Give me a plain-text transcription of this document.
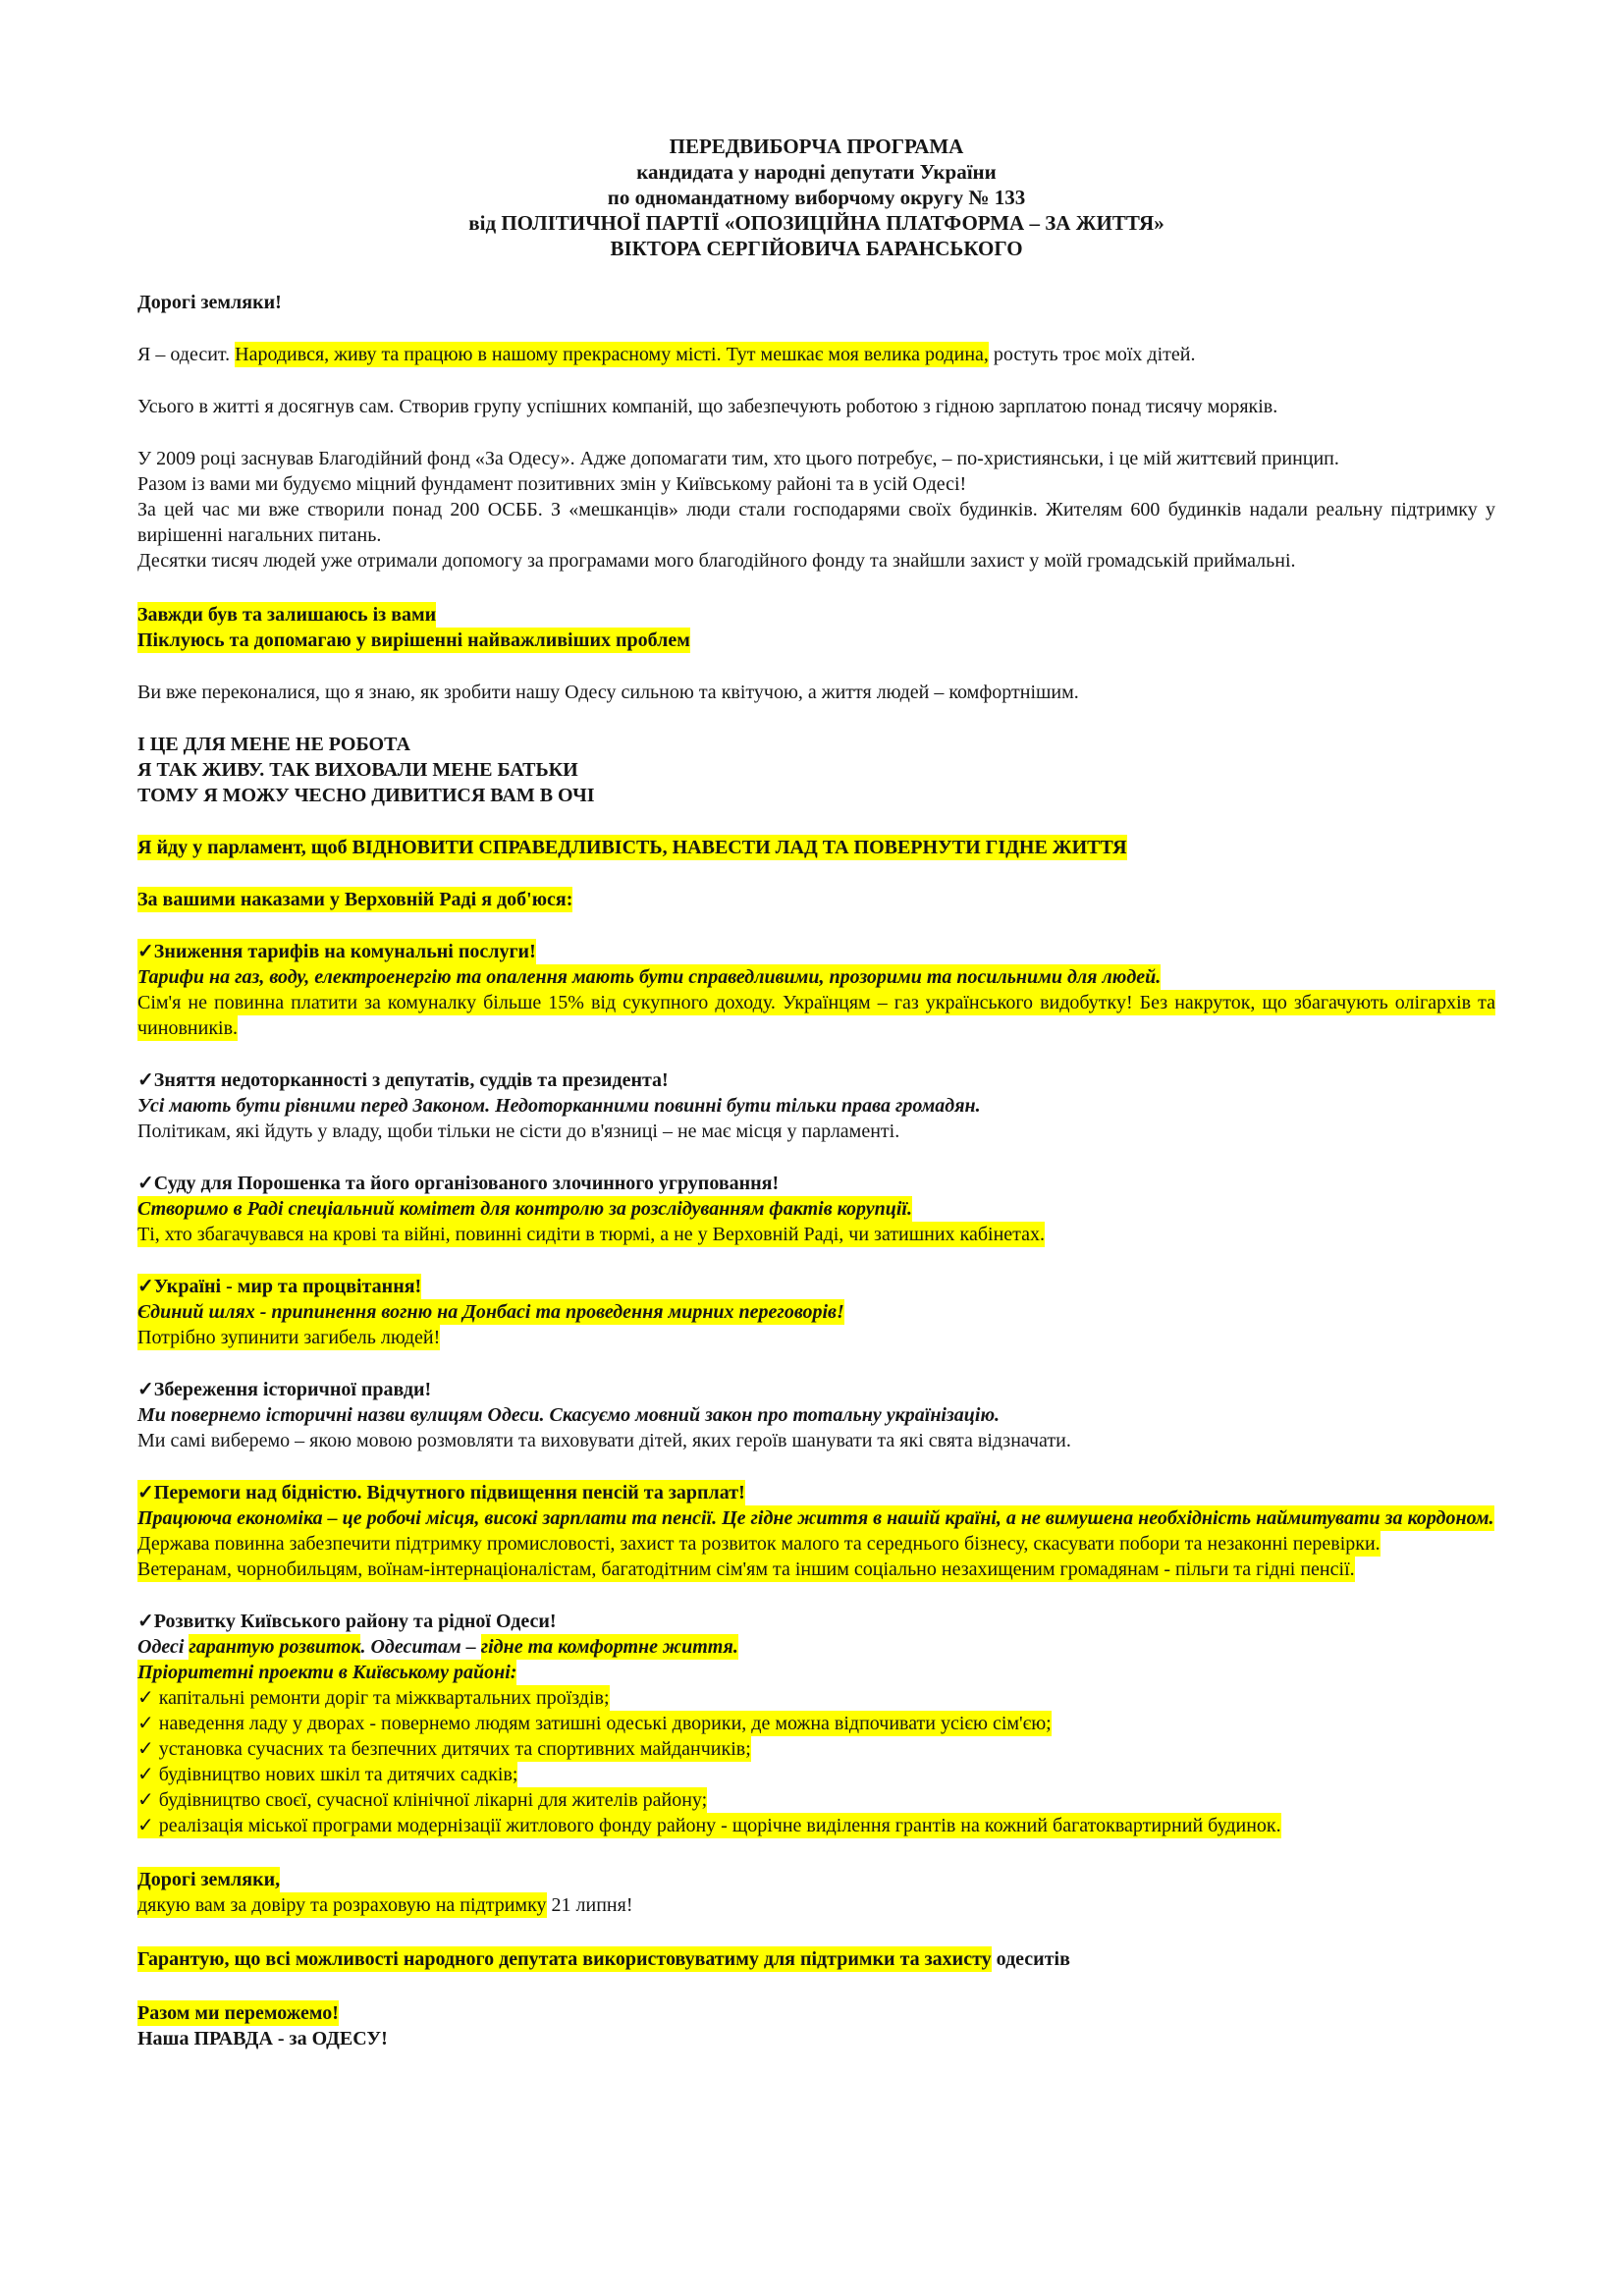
ПЕРЕДВИБОРЧА ПРОГРАМА
кандидата у народні депутати України
по одномандатному виборчому округу № 133
від ПОЛІТИЧНОЇ ПАРТІЇ «ОПОЗИЦІЙНА ПЛАТФОРМА – ЗА ЖИТТЯ»
ВІКТОРА СЕРГІЙОВИЧА БАРАНСЬКОГО
Дорогі земляки!
Я – одесит. Народився, живу та працюю в нашому прекрасному місті. Тут мешкає моя велика родина, ростуть троє моїх дітей.
Усього в житті я досягнув сам. Створив групу успішних компаній, що забезпечують роботою з гідною зарплатою понад тисячу моряків.
У 2009 році заснував Благодійний фонд «За Одесу». Адже допомагати тим, хто цього потребує, – по-християнськи, і це мій життєвий принцип.
Разом із вами ми будуємо міцний фундамент позитивних змін у Київському районі та в усій Одесі!
За цей час ми вже створили понад 200 ОСББ. З «мешканців» люди стали господарями своїх будинків. Жителям 600 будинків надали реальну підтримку у вирішенні нагальних питань.
Десятки тисяч людей уже отримали допомогу за програмами мого благодійного фонду та знайшли захист у моїй громадській приймальні.
Завжди був та залишаюсь із вами
Піклуюсь та допомагаю у вирішенні найважливіших проблем
Ви вже переконалися, що я знаю, як зробити нашу Одесу сильною та квітучою, а життя людей – комфортнішим.
І ЦЕ ДЛЯ МЕНЕ НЕ РОБОТА
Я ТАК ЖИВУ. ТАК ВИХОВАЛИ МЕНЕ БАТЬКИ
ТОМУ Я МОЖУ ЧЕСНО ДИВИТИСЯ ВАМ В ОЧІ
Я йду у парламент, щоб ВІДНОВИТИ СПРАВЕДЛИВІСТЬ, НАВЕСТИ ЛАД ТА ПОВЕРНУТИ ГІДНЕ ЖИТТЯ
За вашими наказами у Верховній Раді я доб'юся:
✓Зниження тарифів на комунальні послуги!
Тарифи на газ, воду, електроенергію та опалення мають бути справедливими, прозорими та посильними для людей.
Сім'я не повинна платити за комуналку більше 15% від сукупного доходу. Українцям – газ українського видобутку! Без накруток, що збагачують олігархів та чиновників.
✓Зняття недоторканності з депутатів, суддів та президента!
Усі мають бути рівними перед Законом. Недоторканними повинні бути тільки права громадян.
Політикам, які йдуть у владу, щоби тільки не сісти до в'язниці – не має місця у парламенті.
✓Суду для Порошенка та його організованого злочинного угруповання!
Створимо в Раді спеціальний комітет для контролю за розслідуванням фактів корупції.
Ті, хто збагачувався на крові та війні, повинні сидіти в тюрмі, а не у Верховній Раді, чи затишних кабінетах.
✓Україні - мир та процвітання!
Єдиний шлях - припинення вогню на Донбасі та проведення мирних переговорів!
Потрібно зупинити загибель людей!
✓Збереження історичної правди!
Ми повернемо історичні назви вулицям Одеси. Скасуємо мовний закон про тотальну українізацію.
Ми самі виберемо – якою мовою розмовляти та виховувати дітей, яких героїв шанувати та які свята відзначати.
✓Перемоги над бідністю. Відчутного підвищення пенсій та зарплат!
Працююча економіка – це робочі місця, високі зарплати та пенсії. Це гідне життя в нашій країні, а не вимушена необхідність наймитувати за кордоном.
Держава повинна забезпечити підтримку промисловості, захист та розвиток малого та середнього бізнесу, скасувати побори та незаконні перевірки.
Ветеранам, чорнобильцям, воїнам-інтернаціоналістам, багатодітним сім'ям та іншим соціально незахищеним громадянам - пільги та гідні пенсії.
✓Розвитку Київського району та рідної Одеси!
Одесі гарантую розвиток. Одеситам – гідне та комфортне життя.
Пріоритетні проекти в Київському районі:
✓ капітальні ремонти доріг та міжквартальних проїздів;
✓ наведення ладу у дворах - повернемо людям затишні одеські дворики, де можна відпочивати усією сім'єю;
✓ установка сучасних та безпечних дитячих та спортивних майданчиків;
✓ будівництво нових шкіл та дитячих садків;
✓ будівництво своєї, сучасної клінічної лікарні для жителів району;
✓ реалізація міської програми модернізації житлового фонду району - щорічне виділення грантів на кожний багатоквартирний будинок.
Дорогі земляки,
дякую вам за довіру та розраховую на підтримку 21 липня!
Гарантую, що всі можливості народного депутата використовуватиму для підтримки та захисту одеситів
Разом ми переможемо!
Наша ПРАВДА - за ОДЕСУ!
